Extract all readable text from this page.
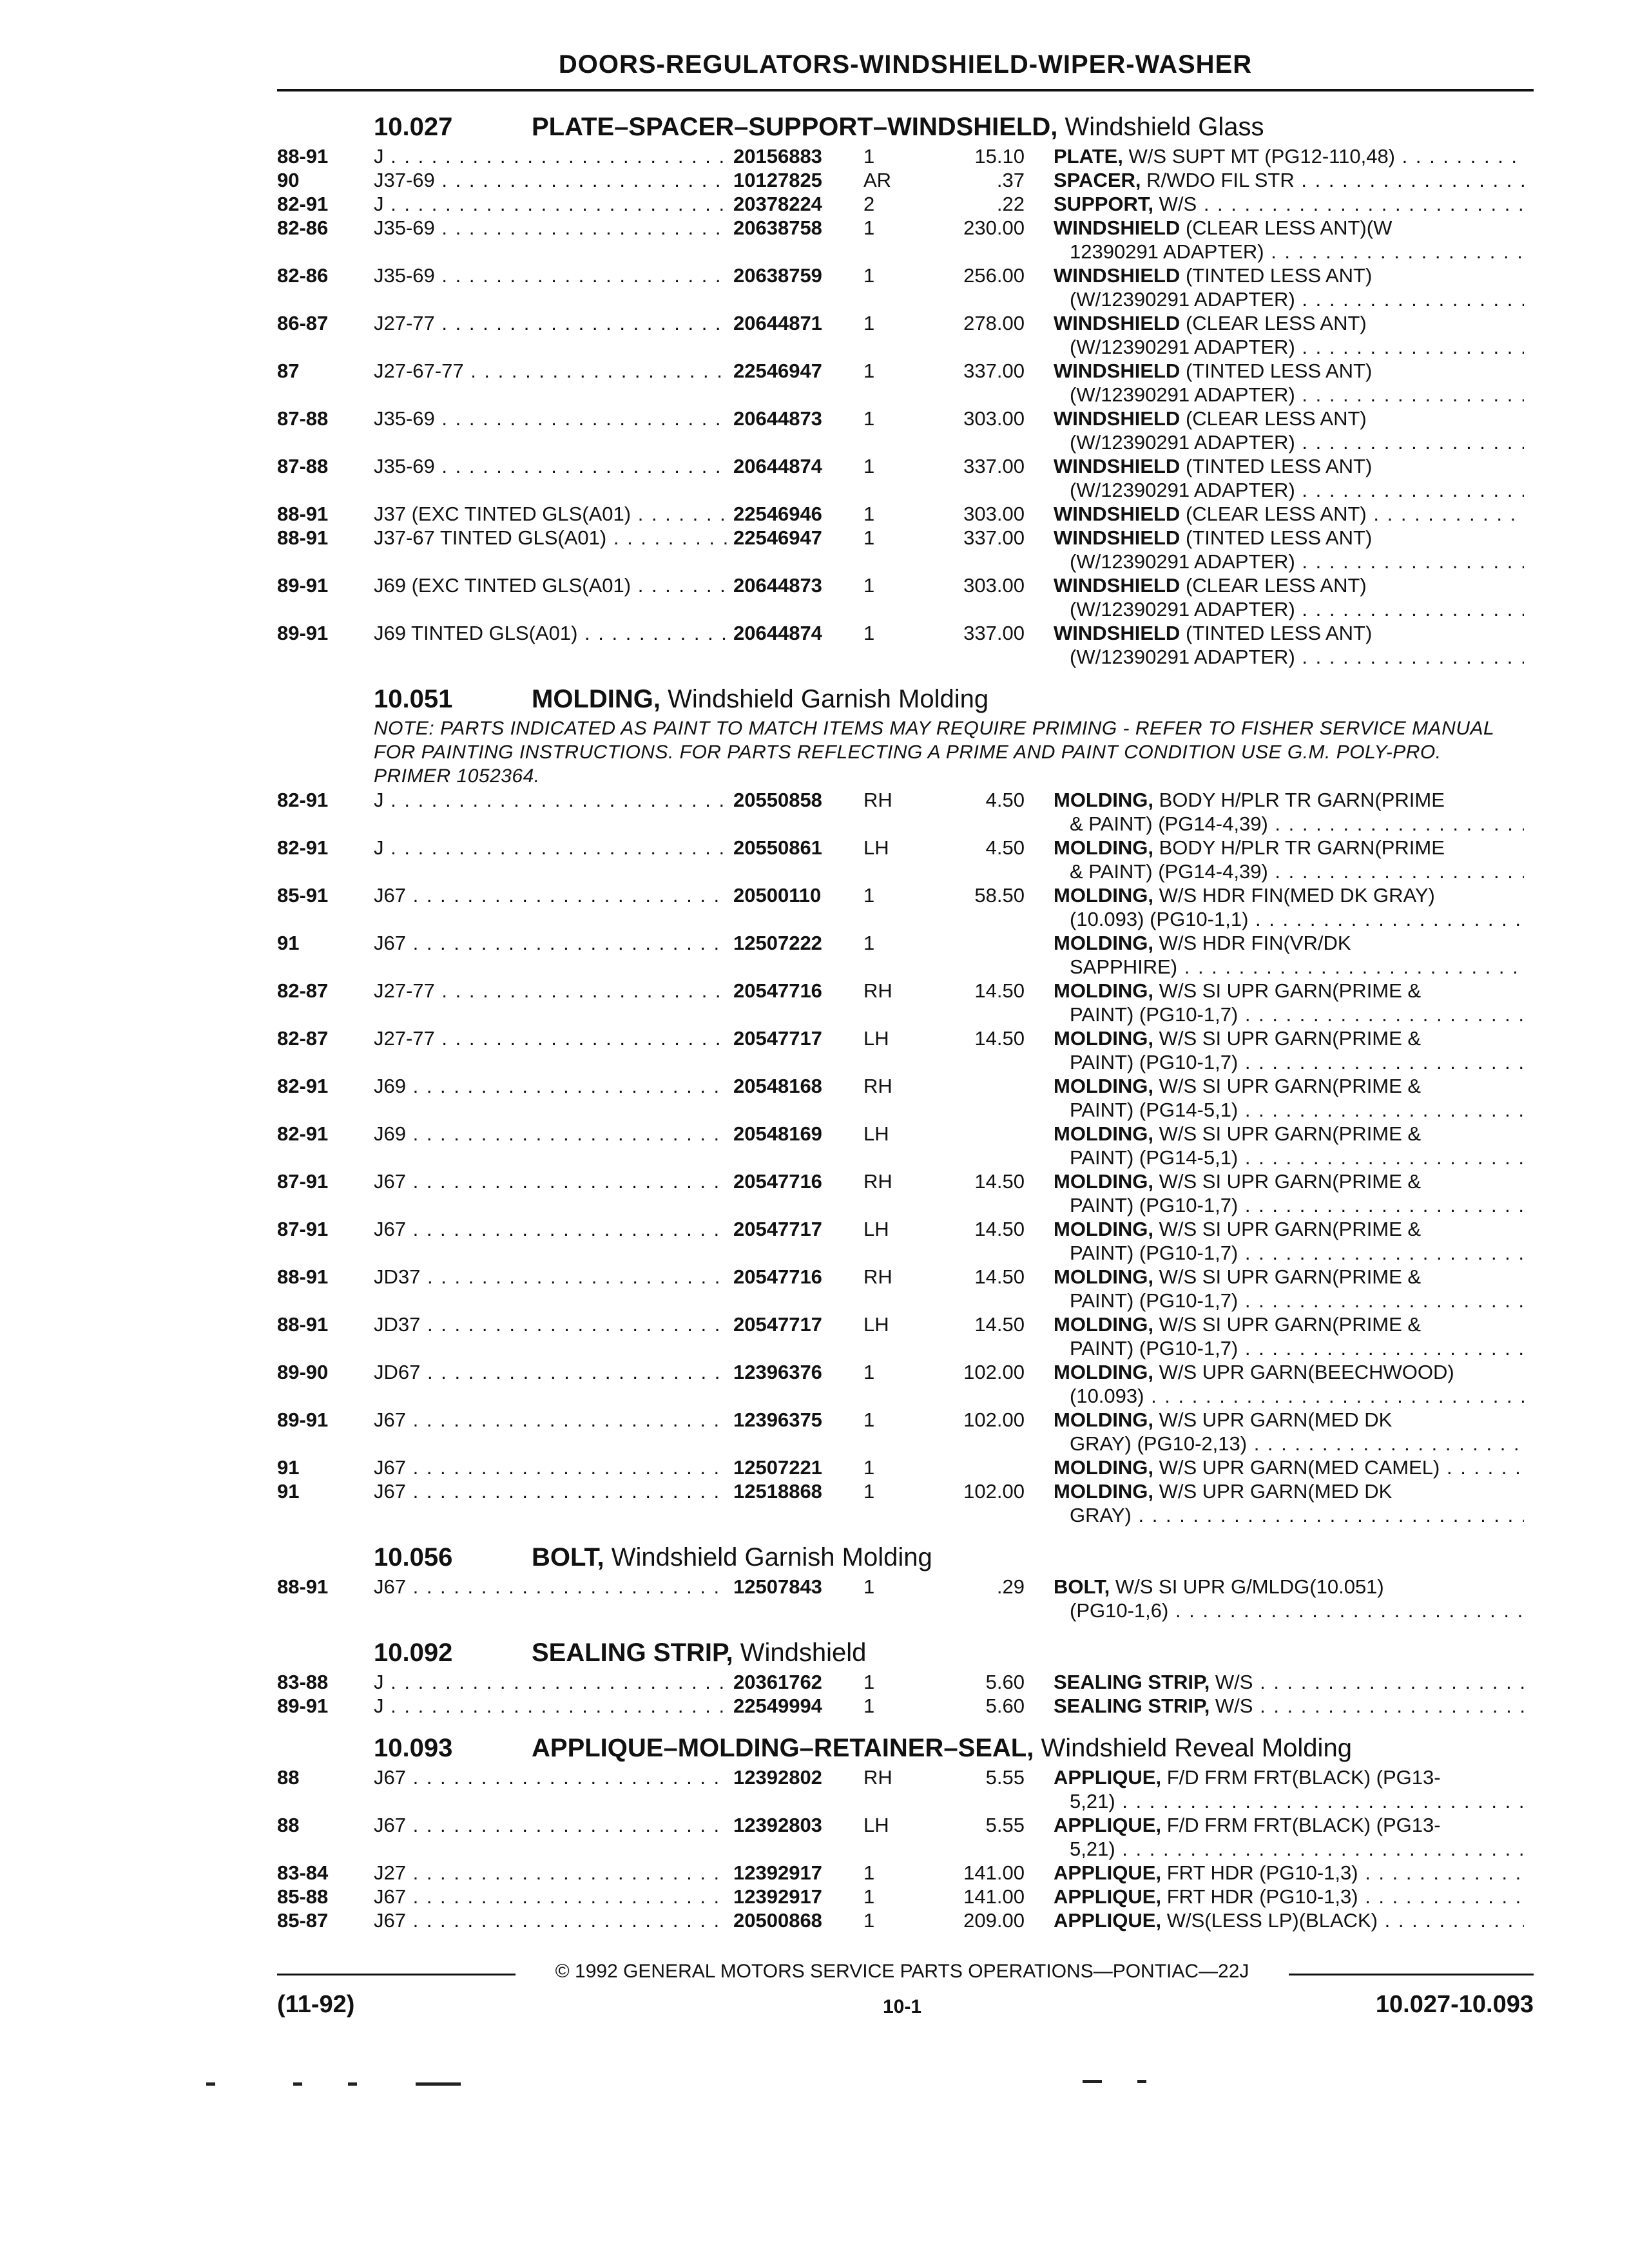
DOORS-REGULATORS-WINDSHIELD-WIPER-WASHER
10.027	PLATE–SPACER–SUPPORT–WINDSHIELD, Windshield Glass
88-91 J . . .	20156883	1	15.10 PLATE, W/S SUPT MT (PG12-110,48) . . .
90	J37-69 . . .	10127825	AR	.37 SPACER, R/WDO FIL STR . . .
82-91 J . . .	20378224	2	.22 SUPPORT, W/S . . .
82-86 J35-69 . . .	20638758	1	230.00 WINDSHIELD (CLEAR LESS ANT)(W
12390291 ADAPTER) . . .
82-86 J35-69 . . .	20638759	1	256.00 WINDSHIELD (TINTED LESS ANT)
(W/12390291 ADAPTER) . . .
86-87 J27-77 . . .	20644871	1	278.00 WINDSHIELD (CLEAR LESS ANT)
(W/12390291 ADAPTER) . . .
87	J27-67-77 . . .	22546947	1	337.00 WINDSHIELD (TINTED LESS ANT)
(W/12390291 ADAPTER) . . .
87-88 J35-69 . . .	20644873	1	303.00 WINDSHIELD (CLEAR LESS ANT)
(W/12390291 ADAPTER) . . .
87-88 J35-69 . . .	20644874	1	337.00 WINDSHIELD (TINTED LESS ANT)
(W/12390291 ADAPTER) . . .
88-91 J37 (EXC TINTED GLS(A01) . . .	22546946	1	303.00 WINDSHIELD (CLEAR LESS ANT) . . .
88-91 J37-67 TINTED GLS(A01) . . .	22546947	1	337.00 WINDSHIELD (TINTED LESS ANT)
(W/12390291 ADAPTER) . . .
89-91 J69 (EXC TINTED GLS(A01) . . .	20644873	1	303.00 WINDSHIELD (CLEAR LESS ANT)
(W/12390291 ADAPTER) . . .
89-91 J69 TINTED GLS(A01) . . .	20644874	1	337.00 WINDSHIELD (TINTED LESS ANT)
(W/12390291 ADAPTER) . . .
10.051	MOLDING, Windshield Garnish Molding
NOTE: PARTS INDICATED AS PAINT TO MATCH ITEMS MAY REQUIRE PRIMING - REFER TO FISHER SERVICE MANUAL FOR PAINTING INSTRUCTIONS. FOR PARTS REFLECTING A PRIME AND PAINT CONDITION USE G.M. POLY-PRO. PRIMER 1052364.
82-91 J . . .	20550858	RH	4.50 MOLDING, BODY H/PLR TR GARN(PRIME
& PAINT) (PG14-4,39) . . .
82-91 J . . .	20550861	LH	4.50 MOLDING, BODY H/PLR TR GARN(PRIME
& PAINT) (PG14-4,39) . . .
85-91 J67 . . .	20500110	1	58.50 MOLDING, W/S HDR FIN(MED DK GRAY)
(10.093) (PG10-1,1) . . .
91	J67 . . .	12507222	1	MOLDING, W/S HDR FIN(VR/DK
SAPPHIRE) . . .
82-87 J27-77 . . .	20547716	RH	14.50 MOLDING, W/S SI UPR GARN(PRIME &
PAINT) (PG10-1,7) . . .
82-87 J27-77 . . .	20547717	LH	14.50 MOLDING, W/S SI UPR GARN(PRIME &
PAINT) (PG10-1,7) . . .
82-91 J69 . . .	20548168	RH	MOLDING, W/S SI UPR GARN(PRIME &
PAINT) (PG14-5,1) . . .
82-91 J69 . . .	20548169	LH	MOLDING, W/S SI UPR GARN(PRIME &
PAINT) (PG14-5,1) . . .
87-91 J67 . . .	20547716	RH	14.50 MOLDING, W/S SI UPR GARN(PRIME &
PAINT) (PG10-1,7) . . .
87-91 J67 . . .	20547717	LH	14.50 MOLDING, W/S SI UPR GARN(PRIME &
PAINT) (PG10-1,7) . . .
88-91 JD37 . . .	20547716	RH	14.50 MOLDING, W/S SI UPR GARN(PRIME &
PAINT) (PG10-1,7) . . .
88-91 JD37 . . .	20547717	LH	14.50 MOLDING, W/S SI UPR GARN(PRIME &
PAINT) (PG10-1,7) . . .
89-90 JD67 . . .	12396376	1	102.00 MOLDING, W/S UPR GARN(BEECHWOOD)
(10.093) . . .
89-91 J67 . . .	12396375	1	102.00 MOLDING, W/S UPR GARN(MED DK
GRAY) (PG10-2,13) . . .
91	J67 . . .	12507221	1	MOLDING, W/S UPR GARN(MED CAMEL) . . .
91	J67 . . .	12518868	1	102.00 MOLDING, W/S UPR GARN(MED DK
GRAY) . . .
10.056	BOLT, Windshield Garnish Molding
88-91 J67 . . .	12507843	1	.29 BOLT, W/S SI UPR G/MLDG(10.051)
(PG10-1,6) . . .
10.092	SEALING STRIP, Windshield
83-88 J . . .	20361762	1	5.60 SEALING STRIP, W/S . . .
89-91 J . . .	22549994	1	5.60 SEALING STRIP, W/S . . .
10.093	APPLIQUE–MOLDING–RETAINER–SEAL, Windshield Reveal Molding
88	J67 . . .	12392802	RH	5.55 APPLIQUE, F/D FRM FRT(BLACK) (PG13-
5,21) . . .
88	J67 . . .	12392803	LH	5.55 APPLIQUE, F/D FRM FRT(BLACK) (PG13-
5,21) . . .
83-84 J27 . . .	12392917	1	141.00 APPLIQUE, FRT HDR (PG10-1,3) . . .
85-88 J67 . . .	12392917	1	141.00 APPLIQUE, FRT HDR (PG10-1,3) . . .
85-87 J67 . . .	20500868	1	209.00 APPLIQUE, W/S(LESS LP)(BLACK) . . .
© 1992 GENERAL MOTORS SERVICE PARTS OPERATIONS—PONTIAC—22J
(11-92)	10-1	10.027-10.093
